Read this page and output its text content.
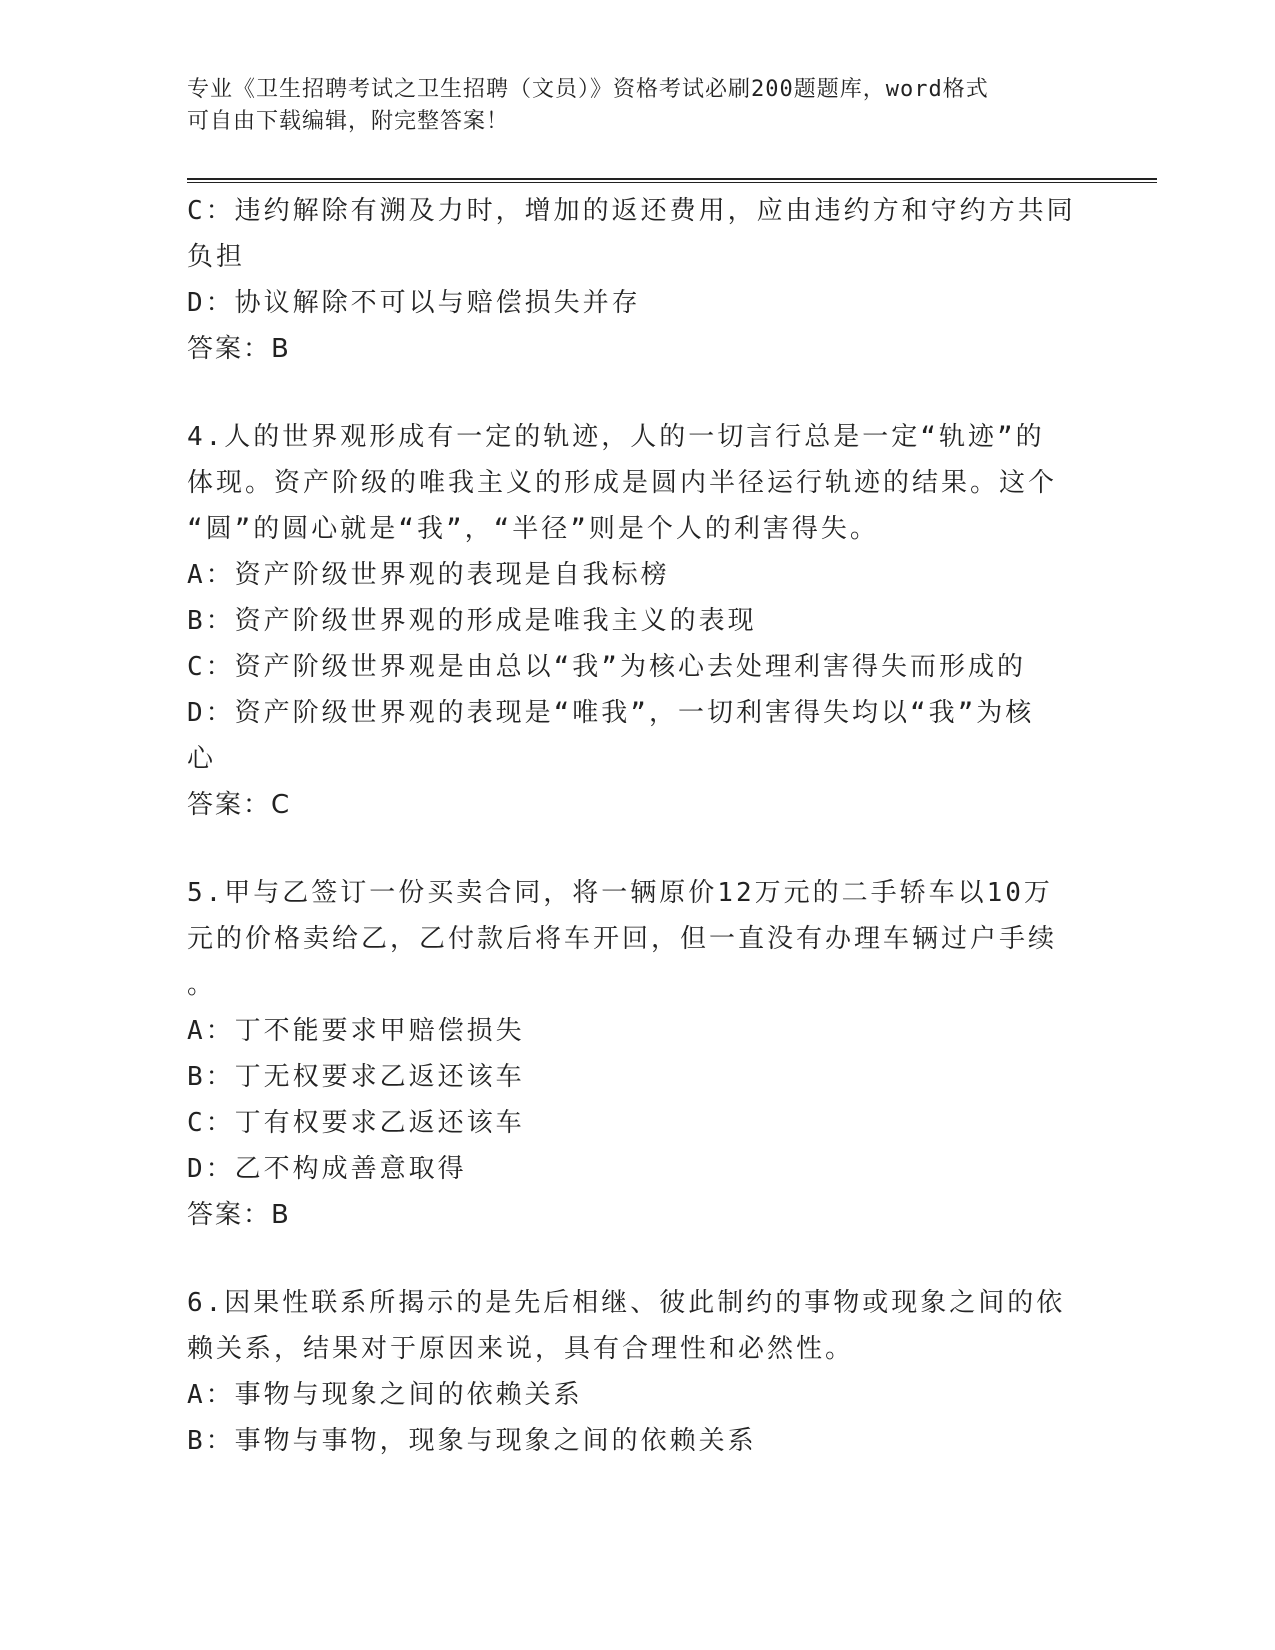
专业《卫生招聘考试之卫生招聘（文员）》资格考试必刷200题题库，word格式
可自由下载编辑，附完整答案！
C：违约解除有溯及力时，增加的返还费用，应由违约方和守约方共同
负担
D：协议解除不可以与赔偿损失并存
答案：B
4.人的世界观形成有一定的轨迹，人的一切言行总是一定“轨迹”的
体现。资产阶级的唯我主义的形成是圆内半径运行轨迹的结果。这个
“圆”的圆心就是“我”，“半径”则是个人的利害得失。
A：资产阶级世界观的表现是自我标榜
B：资产阶级世界观的形成是唯我主义的表现
C：资产阶级世界观是由总以“我”为核心去处理利害得失而形成的
D：资产阶级世界观的表现是“唯我”，一切利害得失均以“我”为核
心
答案：C
5.甲与乙签订一份买卖合同，将一辆原价12万元的二手轿车以10万
元的价格卖给乙，乙付款后将车开回，但一直没有办理车辆过户手续
。
A：丁不能要求甲赔偿损失
B：丁无权要求乙返还该车
C：丁有权要求乙返还该车
D：乙不构成善意取得
答案：B
6.因果性联系所揭示的是先后相继、彼此制约的事物或现象之间的依
赖关系，结果对于原因来说，具有合理性和必然性。
A：事物与现象之间的依赖关系
B：事物与事物，现象与现象之间的依赖关系
